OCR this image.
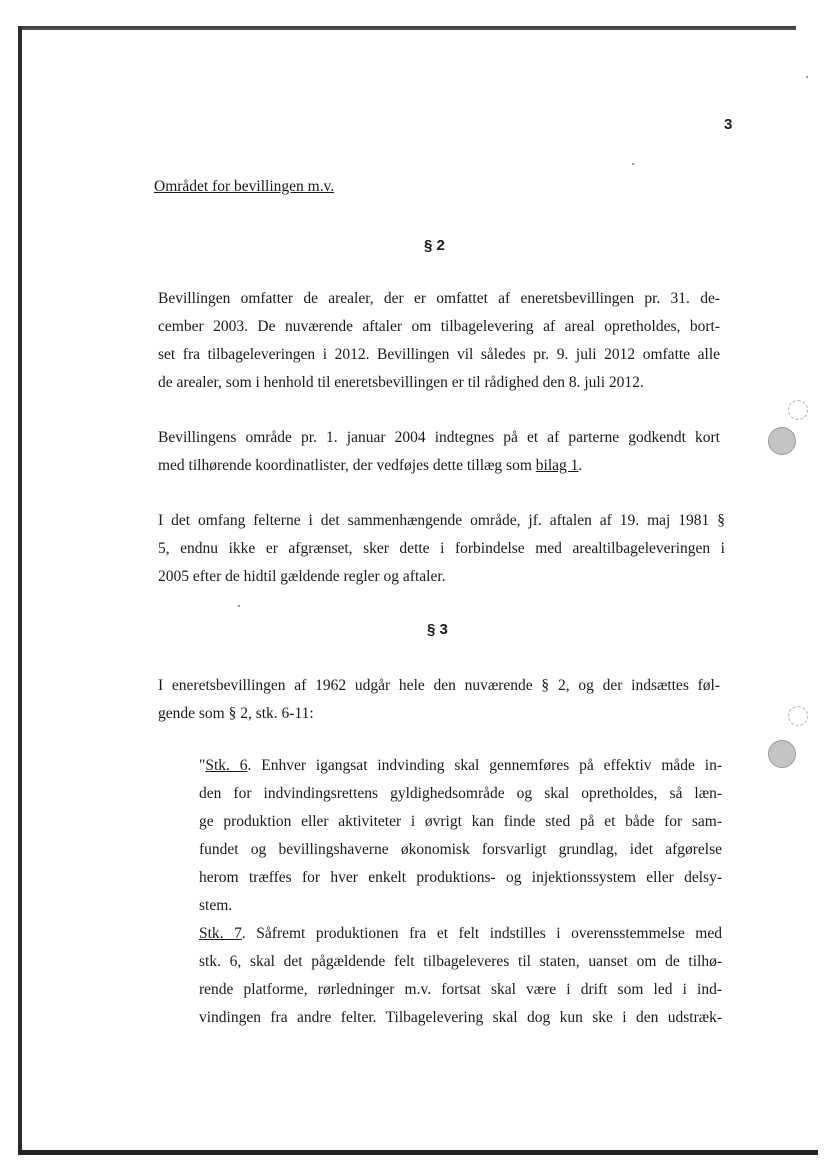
3
Området for bevillingen m.v.
§ 2
Bevillingen omfatter de arealer, der er omfattet af eneretsbevillingen pr. 31. de-
cember 2003. De nuværende aftaler om tilbagelevering af areal opretholdes, bort-
set fra tilbageleveringen i 2012. Bevillingen vil således pr. 9. juli 2012 omfatte alle
de arealer, som i henhold til eneretsbevillingen er til rådighed den 8. juli 2012.
Bevillingens område pr. 1. januar 2004 indtegnes på et af parterne godkendt kort
med tilhørende koordinatlister, der vedføjes dette tillæg som bilag 1.
I det omfang felterne i det sammenhængende område, jf. aftalen af 19. maj 1981 §
5, endnu ikke er afgrænset, sker dette i forbindelse med arealtilbageleveringen i
2005 efter de hidtil gældende regler og aftaler.
§ 3
I eneretsbevillingen af 1962 udgår hele den nuværende § 2, og der indsættes føl-
gende som § 2, stk. 6-11:
"Stk. 6. Enhver igangsat indvinding skal gennemføres på effektiv måde in-
den for indvindingsrettens gyldighedsområde og skal opretholdes, så læn-
ge produktion eller aktiviteter i øvrigt kan finde sted på et både for sam-
fundet og bevillingshaverne økonomisk forsvarligt grundlag, idet afgørelse
herom træffes for hver enkelt produktions- og injektionssystem eller delsy-
stem.
Stk. 7. Såfremt produktionen fra et felt indstilles i overensstemmelse med
stk. 6, skal det pågældende felt tilbageleveres til staten, uanset om de tilhø-
rende platforme, rørledninger m.v. fortsat skal være i drift som led i ind-
vindingen fra andre felter. Tilbagelevering skal dog kun ske i den udstræk-
